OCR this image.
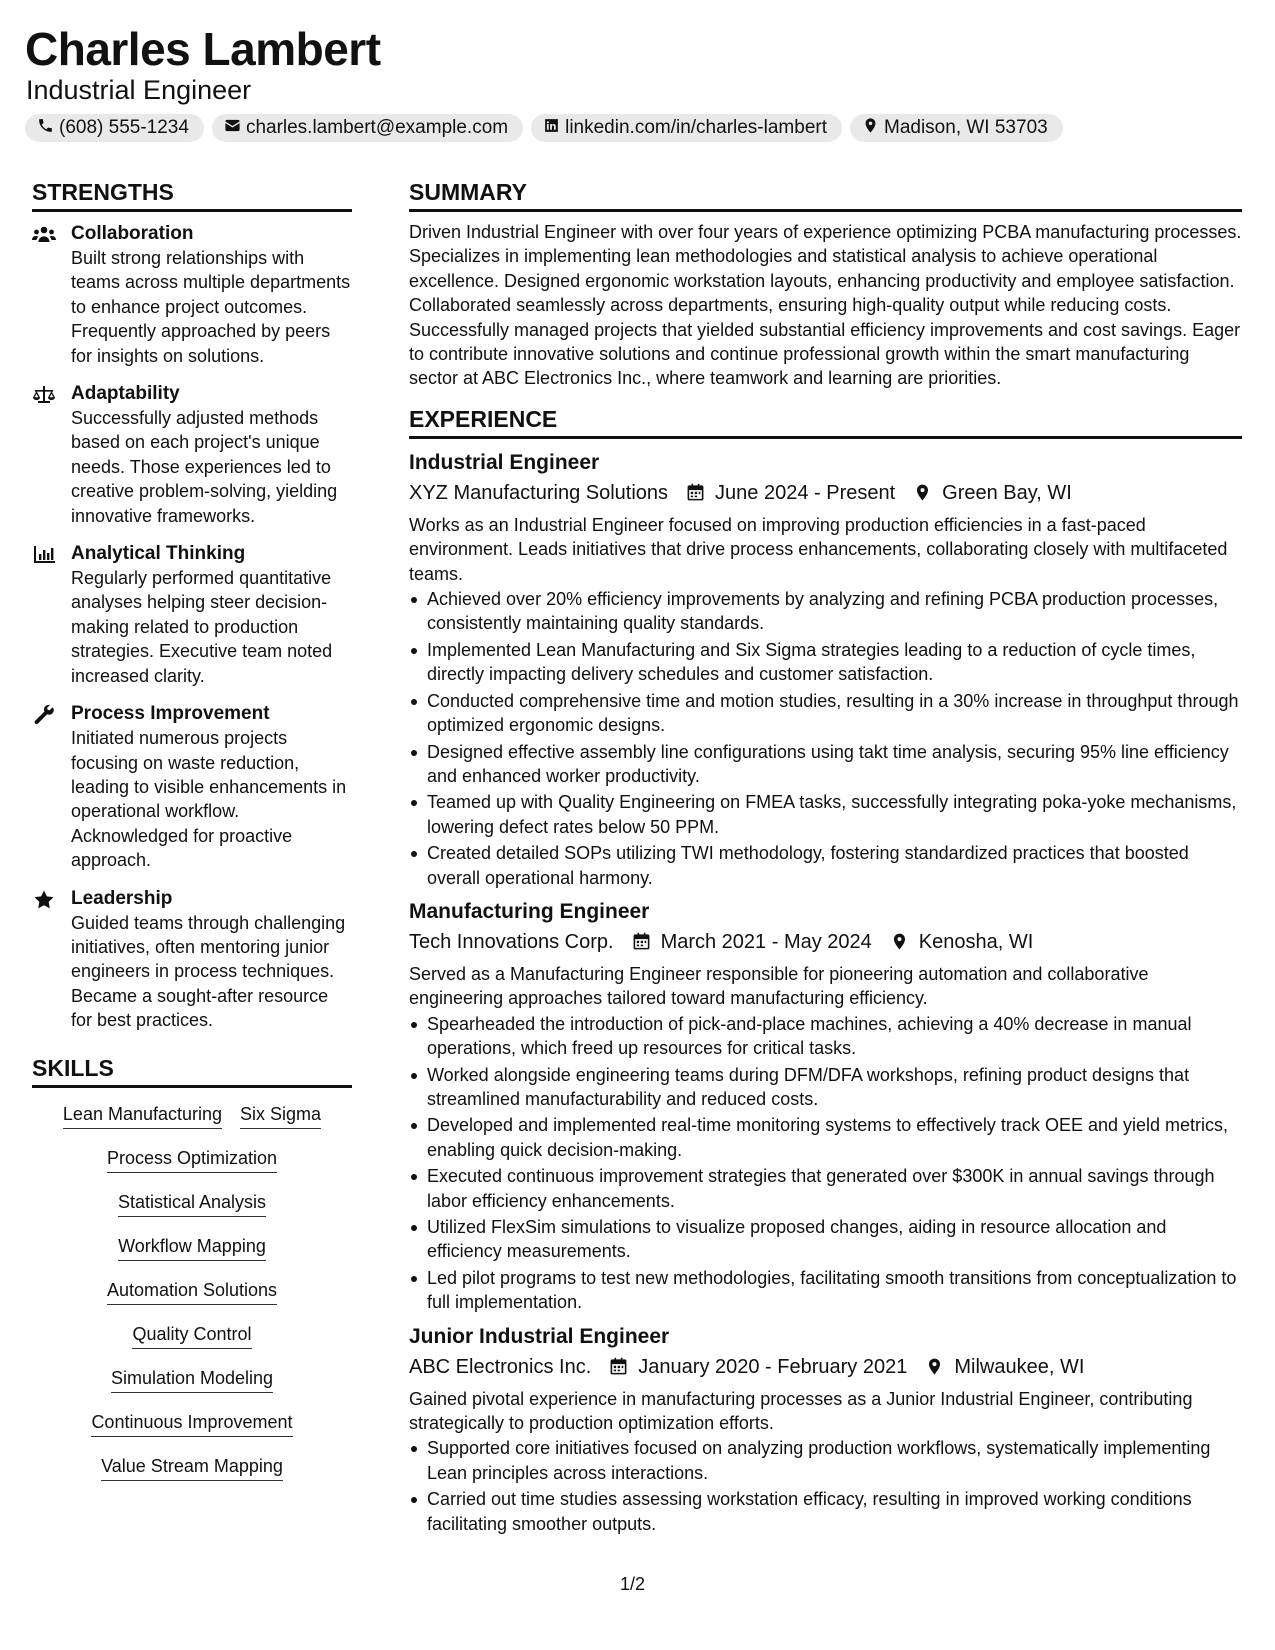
Charles Lambert
Industrial Engineer
(608) 555-1234	charles.lambert@example.com	linkedin.com/in/charles-lambert	Madison, WI 53703
STRENGTHS
Collaboration
Built strong relationships with teams across multiple departments to enhance project outcomes. Frequently approached by peers for insights on solutions.
Adaptability
Successfully adjusted methods based on each project's unique needs. Those experiences led to creative problem-solving, yielding innovative frameworks.
Analytical Thinking
Regularly performed quantitative analyses helping steer decision-making related to production strategies. Executive team noted increased clarity.
Process Improvement
Initiated numerous projects focusing on waste reduction, leading to visible enhancements in operational workflow. Acknowledged for proactive approach.
Leadership
Guided teams through challenging initiatives, often mentoring junior engineers in process techniques. Became a sought-after resource for best practices.
SKILLS
Lean Manufacturing Six Sigma
Process Optimization
Statistical Analysis
Workflow Mapping
Automation Solutions
Quality Control
Simulation Modeling
Continuous Improvement
Value Stream Mapping
SUMMARY
Driven Industrial Engineer with over four years of experience optimizing PCBA manufacturing processes. Specializes in implementing lean methodologies and statistical analysis to achieve operational excellence. Designed ergonomic workstation layouts, enhancing productivity and employee satisfaction. Collaborated seamlessly across departments, ensuring high-quality output while reducing costs. Successfully managed projects that yielded substantial efficiency improvements and cost savings. Eager to contribute innovative solutions and continue professional growth within the smart manufacturing sector at ABC Electronics Inc., where teamwork and learning are priorities.
EXPERIENCE
Industrial Engineer
XYZ Manufacturing Solutions June 2024 - Present Green Bay, WI
Works as an Industrial Engineer focused on improving production efficiencies in a fast-paced environment. Leads initiatives that drive process enhancements, collaborating closely with multifaceted teams.
Achieved over 20% efficiency improvements by analyzing and refining PCBA production processes, consistently maintaining quality standards.
Implemented Lean Manufacturing and Six Sigma strategies leading to a reduction of cycle times, directly impacting delivery schedules and customer satisfaction.
Conducted comprehensive time and motion studies, resulting in a 30% increase in throughput through optimized ergonomic designs.
Designed effective assembly line configurations using takt time analysis, securing 95% line efficiency and enhanced worker productivity.
Teamed up with Quality Engineering on FMEA tasks, successfully integrating poka-yoke mechanisms, lowering defect rates below 50 PPM.
Created detailed SOPs utilizing TWI methodology, fostering standardized practices that boosted overall operational harmony.
Manufacturing Engineer
Tech Innovations Corp. March 2021 - May 2024 Kenosha, WI
Served as a Manufacturing Engineer responsible for pioneering automation and collaborative engineering approaches tailored toward manufacturing efficiency.
Spearheaded the introduction of pick-and-place machines, achieving a 40% decrease in manual operations, which freed up resources for critical tasks.
Worked alongside engineering teams during DFM/DFA workshops, refining product designs that streamlined manufacturability and reduced costs.
Developed and implemented real-time monitoring systems to effectively track OEE and yield metrics, enabling quick decision-making.
Executed continuous improvement strategies that generated over $300K in annual savings through labor efficiency enhancements.
Utilized FlexSim simulations to visualize proposed changes, aiding in resource allocation and efficiency measurements.
Led pilot programs to test new methodologies, facilitating smooth transitions from conceptualization to full implementation.
Junior Industrial Engineer
ABC Electronics Inc. January 2020 - February 2021 Milwaukee, WI
Gained pivotal experience in manufacturing processes as a Junior Industrial Engineer, contributing strategically to production optimization efforts.
Supported core initiatives focused on analyzing production workflows, systematically implementing Lean principles across interactions.
Carried out time studies assessing workstation efficacy, resulting in improved working conditions facilitating smoother outputs.
1/2
